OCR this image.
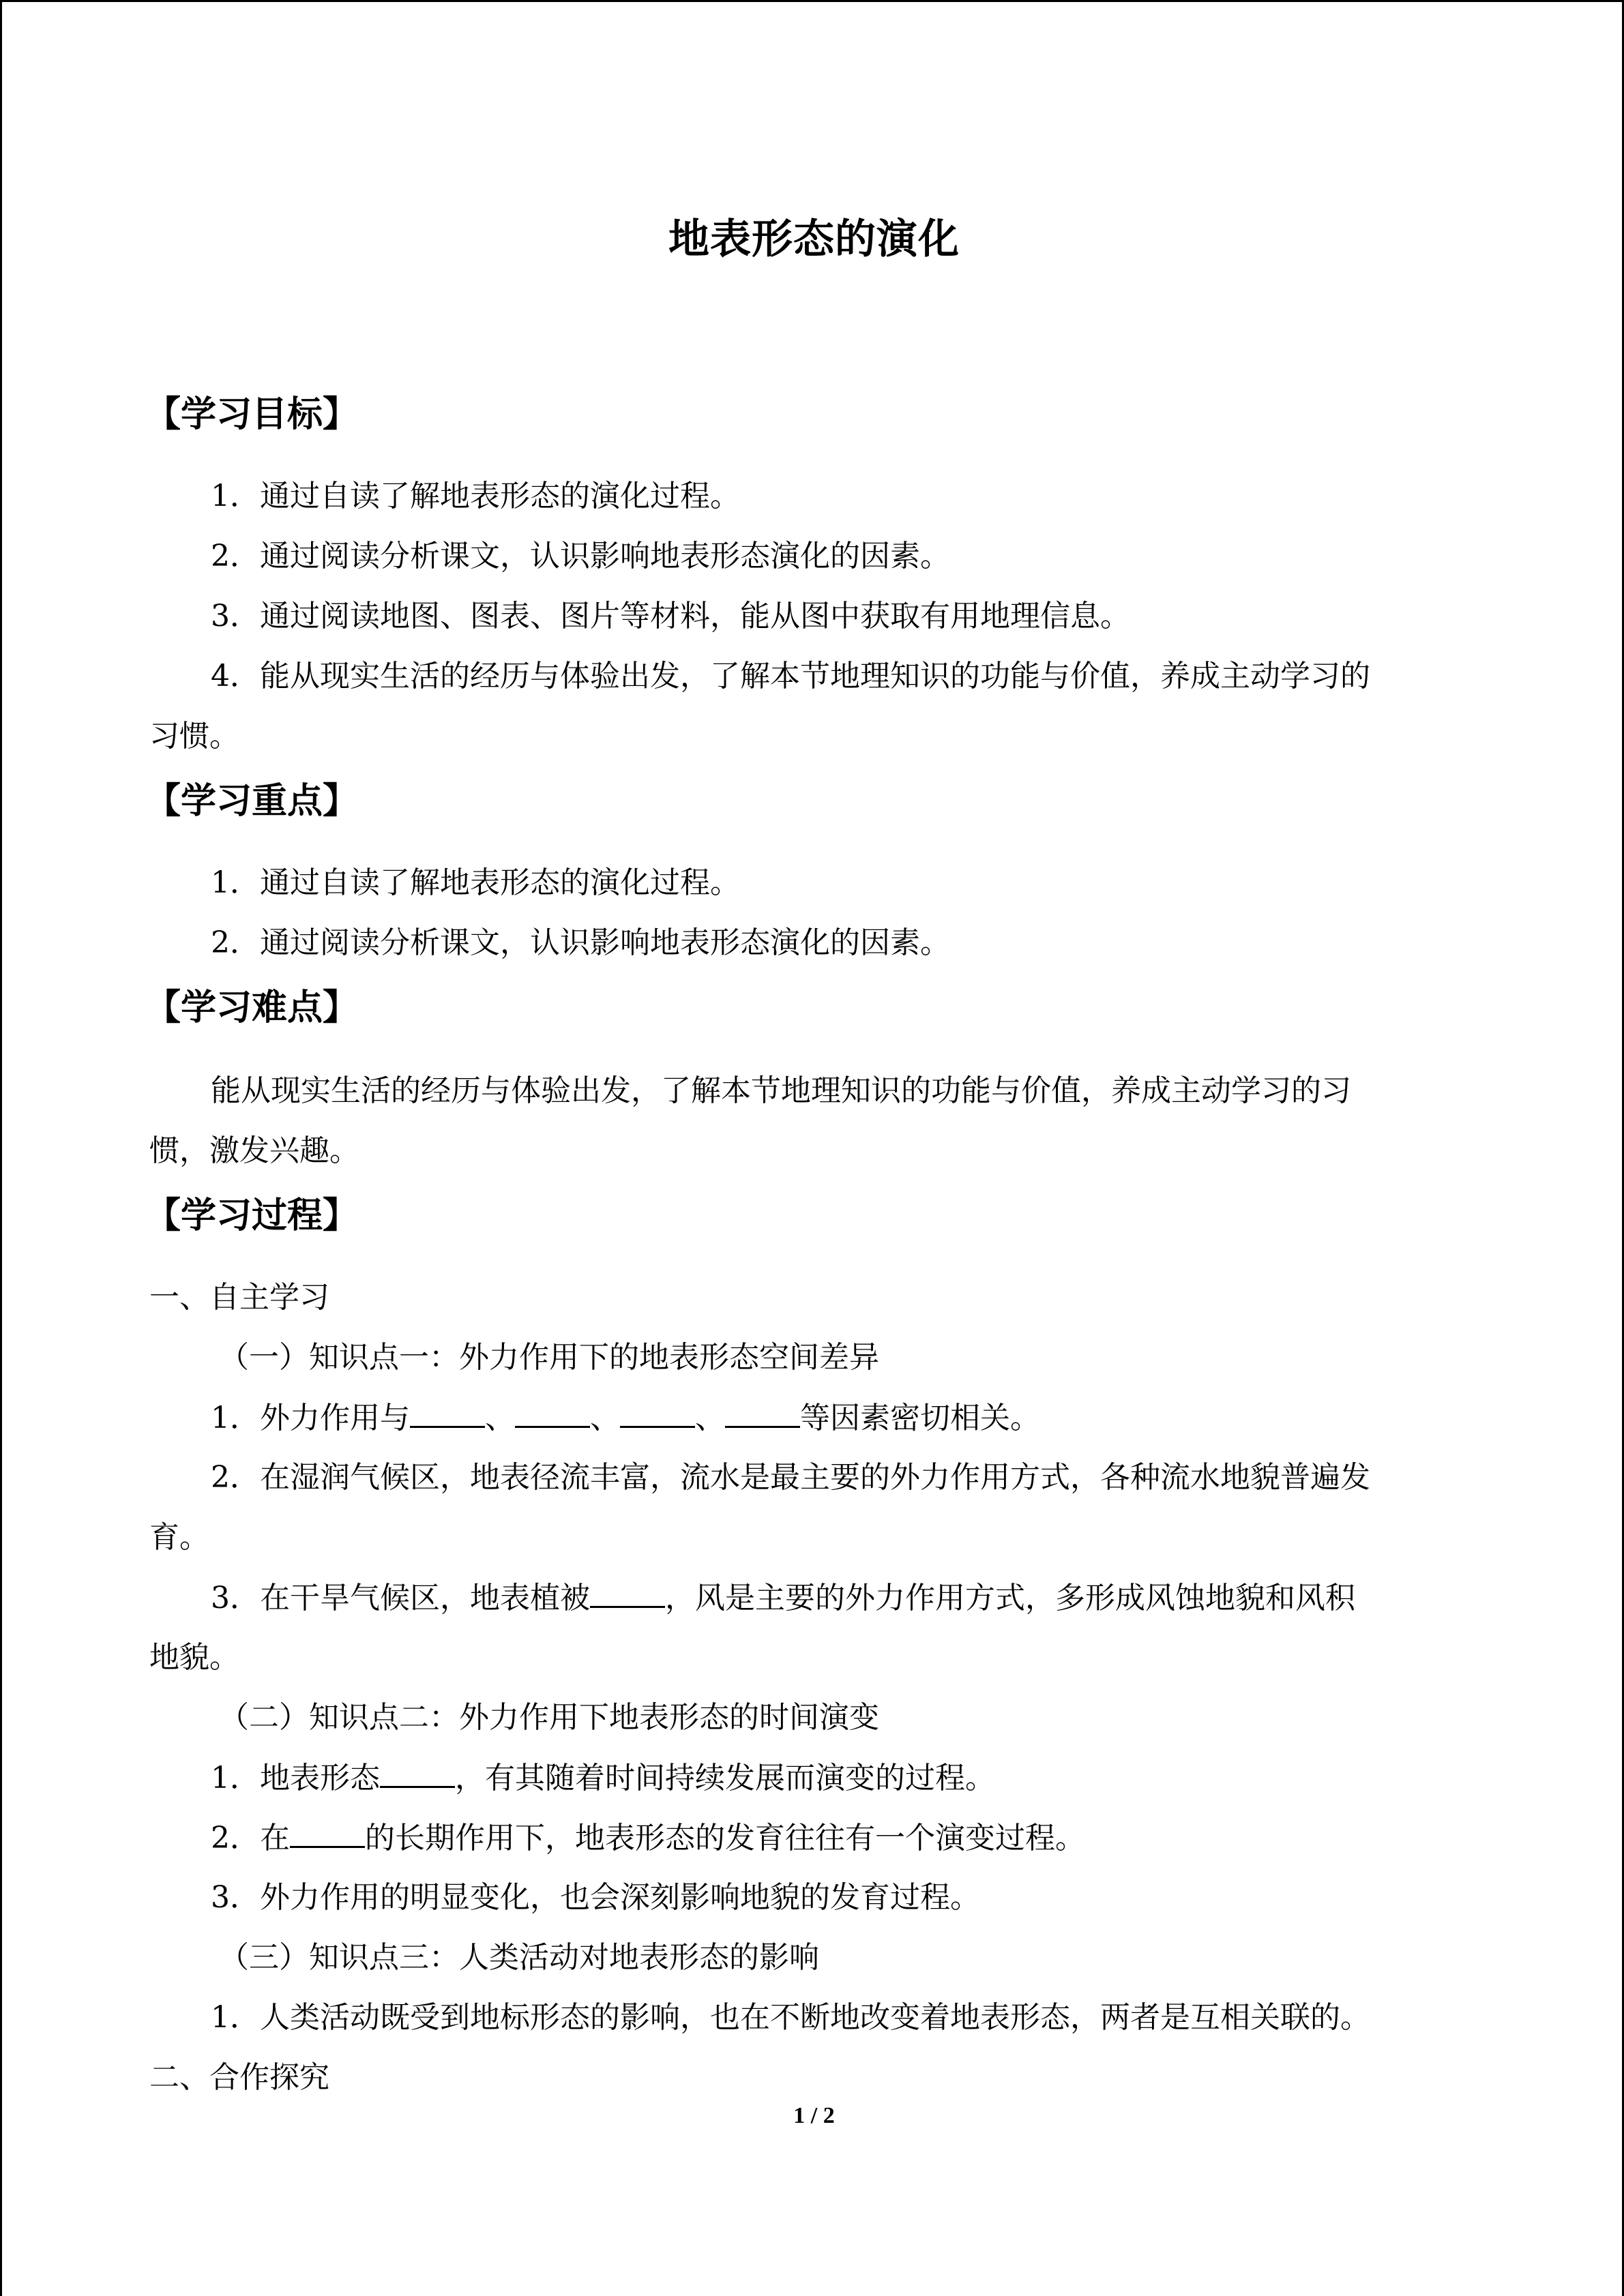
地表形态的演化
【学习目标】
1．通过自读了解地表形态的演化过程。
2．通过阅读分析课文，认识影响地表形态演化的因素。
3．通过阅读地图、图表、图片等材料，能从图中获取有用地理信息。
4．能从现实生活的经历与体验出发，了解本节地理知识的功能与价值，养成主动学习的
习惯。
【学习重点】
1．通过自读了解地表形态的演化过程。
2．通过阅读分析课文，认识影响地表形态演化的因素。
【学习难点】
能从现实生活的经历与体验出发，了解本节地理知识的功能与价值，养成主动学习的习
惯，激发兴趣。
【学习过程】
一、自主学习
（一）知识点一：外力作用下的地表形态空间差异
1．外力作用与	、	、	、	等因素密切相关。
2．在湿润气候区，地表径流丰富，流水是最主要的外力作用方式，各种流水地貌普遍发
育。
3．在干旱气候区，地表植被	，风是主要的外力作用方式，多形成风蚀地貌和风积
地貌。
（二）知识点二：外力作用下地表形态的时间演变
1．地表形态	，有其随着时间持续发展而演变的过程。
2．在	的长期作用下，地表形态的发育往往有一个演变过程。
3．外力作用的明显变化，也会深刻影响地貌的发育过程。
（三）知识点三：人类活动对地表形态的影响
1．人类活动既受到地标形态的影响，也在不断地改变着地表形态，两者是互相关联的。
二、合作探究
1 / 2
